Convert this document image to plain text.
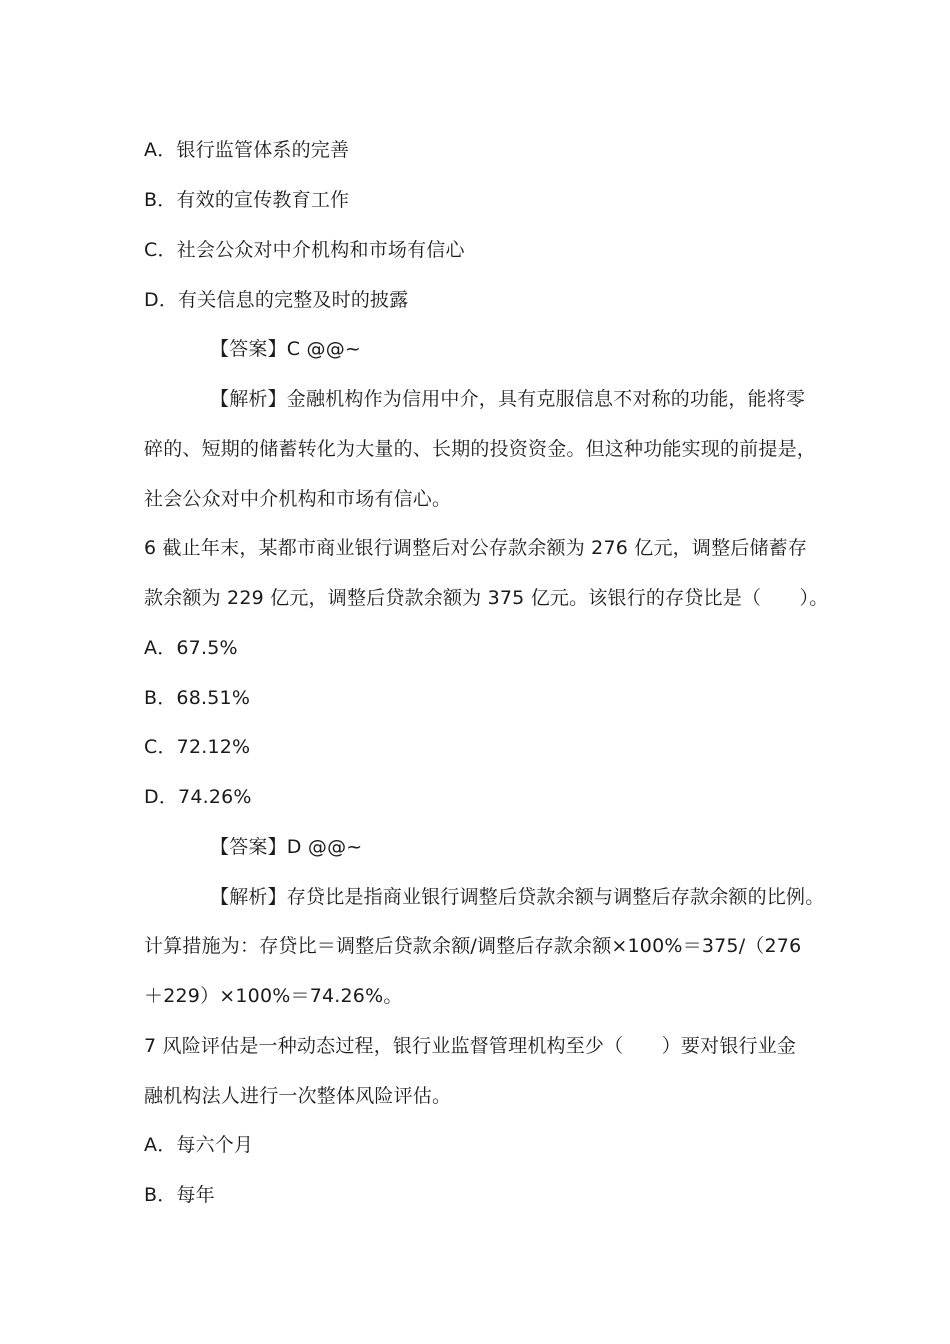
A．银行监管体系的完善
B．有效的宣传教育工作
C．社会公众对中介机构和市场有信心
D．有关信息的完整及时的披露
【答案】C @@~
【解析】金融机构作为信用中介，具有克服信息不对称的功能，能将零
碎的、短期的储蓄转化为大量的、长期的投资资金。但这种功能实现的前提是，
社会公众对中介机构和市场有信心。
6 截止年末，某都市商业银行调整后对公存款余额为 276 亿元，调整后储蓄存
款余额为 229 亿元，调整后贷款余额为 375 亿元。该银行的存贷比是（　　）。
A．67.5%
B．68.51%
C．72.12%
D．74.26%
【答案】D @@~
【解析】存贷比是指商业银行调整后贷款余额与调整后存款余额的比例。
计算措施为：存贷比＝调整后贷款余额/调整后存款余额×100%＝375/（276
＋229）×100%＝74.26%。
7 风险评估是一种动态过程，银行业监督管理机构至少（　　）要对银行业金
融机构法人进行一次整体风险评估。
A．每六个月
B．每年
